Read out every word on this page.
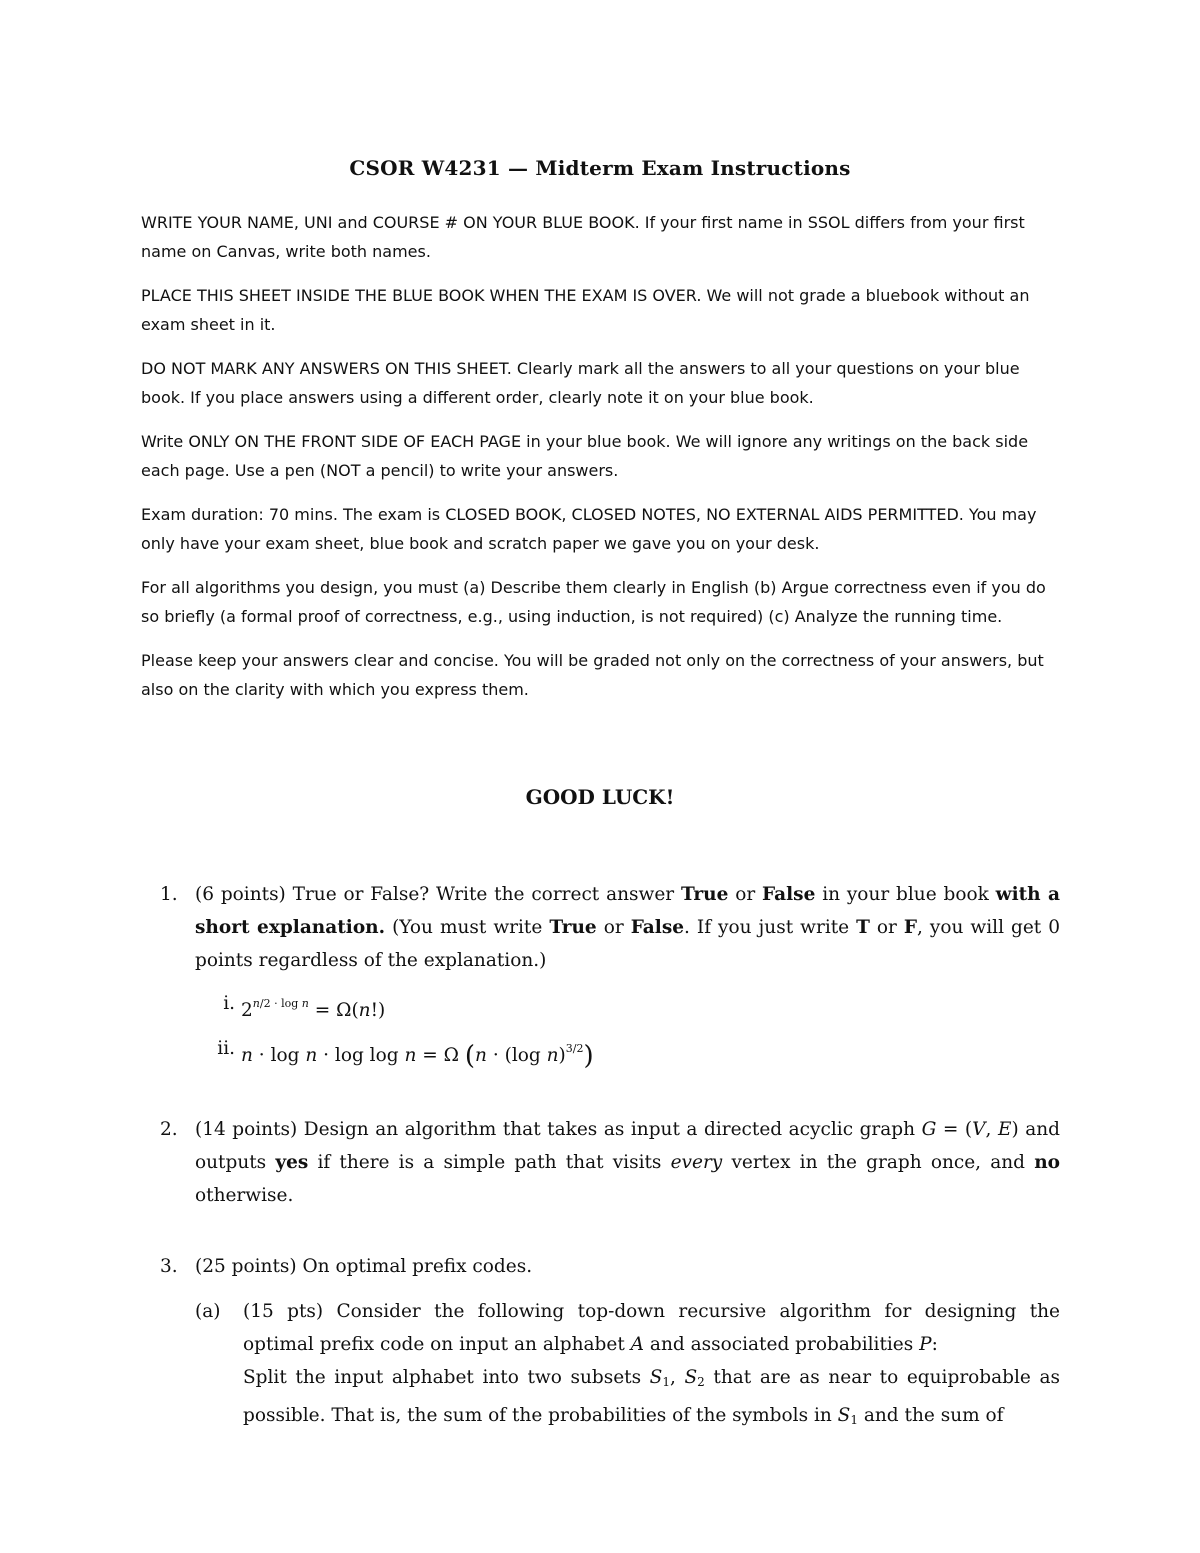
CSOR W4231 — Midterm Exam Instructions

WRITE YOUR NAME, UNI and COURSE # ON YOUR BLUE BOOK. If your first name in SSOL differs from your first name on Canvas, write both names.

PLACE THIS SHEET INSIDE THE BLUE BOOK WHEN THE EXAM IS OVER. We will not grade a bluebook without an exam sheet in it.

DO NOT MARK ANY ANSWERS ON THIS SHEET. Clearly mark all the answers to all your questions on your blue book. If you place answers using a different order, clearly note it on your blue book.

Write ONLY ON THE FRONT SIDE OF EACH PAGE in your blue book. We will ignore any writings on the back side each page. Use a pen (NOT a pencil) to write your answers.

Exam duration: 70 mins. The exam is CLOSED BOOK, CLOSED NOTES, NO EXTERNAL AIDS PERMITTED. You may only have your exam sheet, blue book and scratch paper we gave you on your desk.

For all algorithms you design, you must (a) Describe them clearly in English (b) Argue correctness even if you do so briefly (a formal proof of correctness, e.g., using induction, is not required) (c) Analyze the running time.

Please keep your answers clear and concise. You will be graded not only on the correctness of your answers, but also on the clarity with which you express them.

GOOD LUCK!
1. (6 points) True or False? Write the correct answer True or False in your blue book with a short explanation. (You must write True or False. If you just write T or F, you will get 0 points regardless of the explanation.)
i. $2^{n/2 \cdot log n} = \Omega(n!)$
ii. n · log n · log log n = Ω (n · (log n)$^{3/2}$)
2. (14 points) Design an algorithm that takes as input a directed acyclic graph G = (V, E) and outputs yes if there is a simple path that visits every vertex in the graph once, and no otherwise.
3. (25 points) On optimal prefix codes.
(a) (15 pts) Consider the following top-down recursive algorithm for designing the optimal prefix code on input an alphabet A and associated probabilities P:
Split the input alphabet into two subsets $S_1$, $S_2$ that are as near to equiprobable as possible. That is, the sum of the probabilities of the symbols in $S_1$ and the sum of
